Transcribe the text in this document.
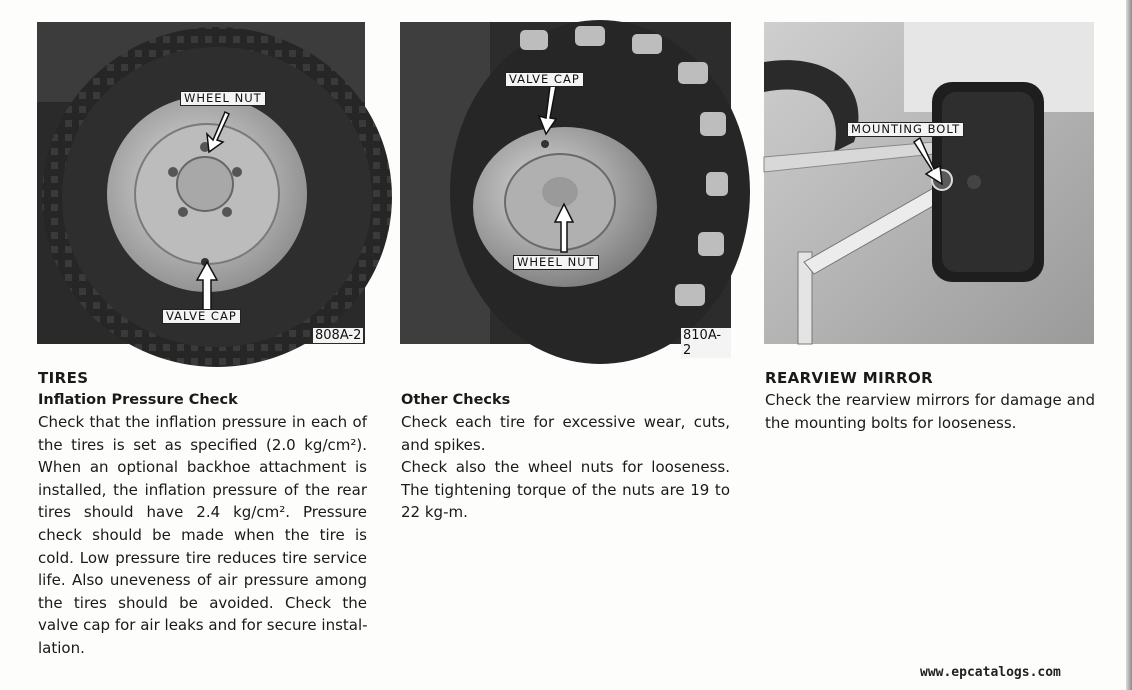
WHEEL NUT
VALVE CAP
808A-2
VALVE CAP
WHEEL NUT
810A-2
MOUNTING BOLT
TIRES
Inflation Pressure Check

Check that the inflation pressure in each of
the tires is set as specified (2.0 kg/cm²).
When an optional backhoe attachment is
installed, the inflation pressure of the rear
tires should have 2.4 kg/cm². Pressure
check should be made when the tire is
cold. Low pressure tire reduces tire service
life. Also uneveness of air pressure among
the tires should be avoided. Check the
valve cap for air leaks and for secure instal-
lation.

Other Checks

Check each tire for excessive wear, cuts,
and spikes.
Check also the wheel nuts for looseness.
The tightening torque of the nuts are 19 to
22 kg-m.

REARVIEW MIRROR

Check the rearview mirrors for damage and
the mounting bolts for looseness.

www.epcatalogs.com
